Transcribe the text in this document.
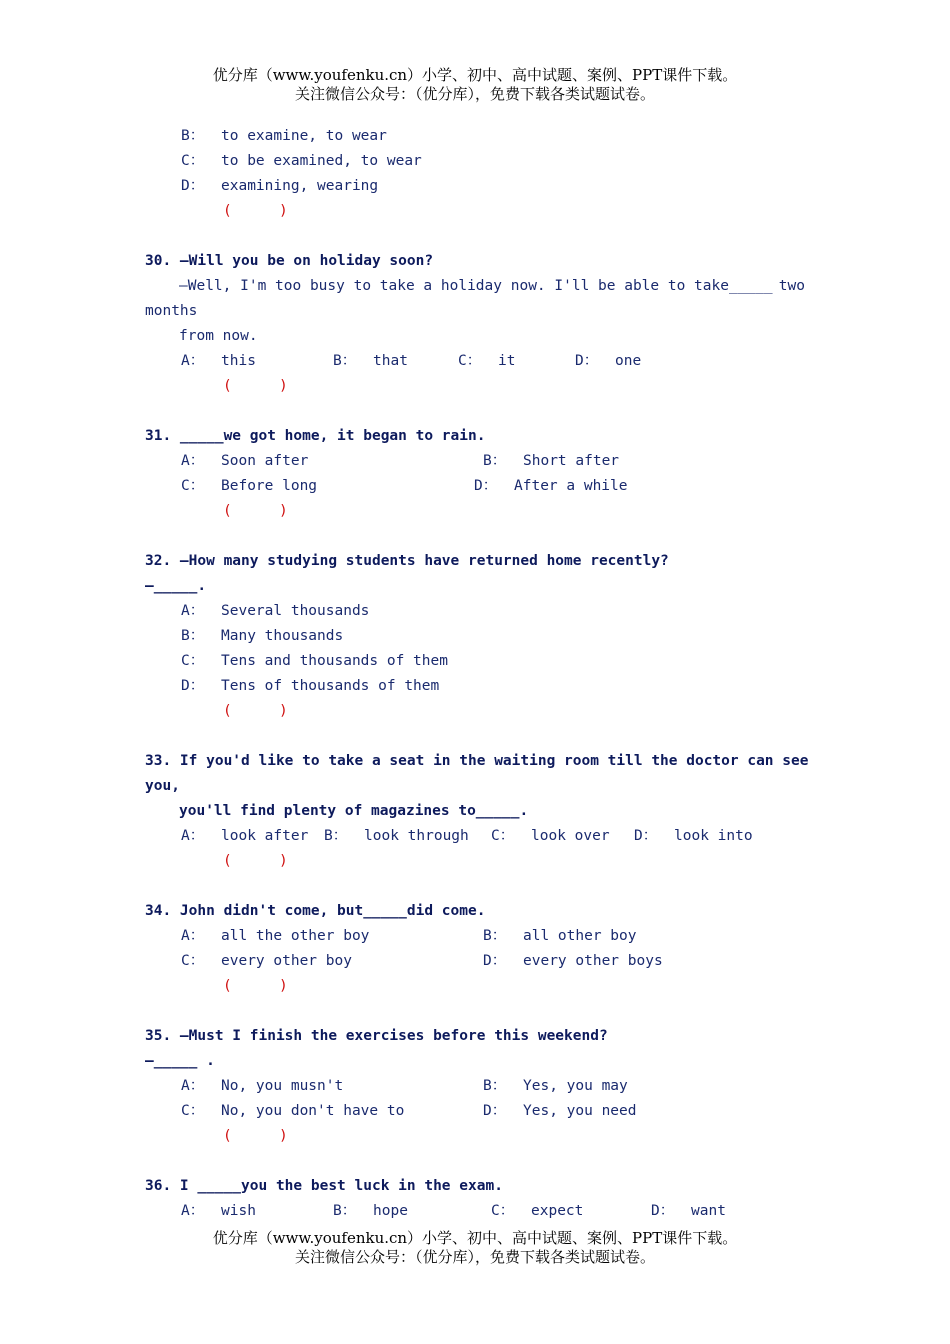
优分库（www.youfenku.cn）小学、初中、高中试题、案例、PPT课件下载。
关注微信公众号：（优分库），免费下载各类试题试卷。
B： to examine, to wear
C： to be examined, to wear
D： examining, wearing
(	)
30. —Will you be on holiday soon?
—Well, I'm too busy to take a holiday now. I'll be able to take_____ two
months
from now.
A： this	B： that	C： it	D： one
(	)
31. _____we got home, it began to rain.
A： Soon after	B： Short after
C： Before long	D： After a while
(	)
32. —How many studying students have returned home recently?
—_____.
A： Several thousands
B： Many thousands
C： Tens and thousands of them
D： Tens of thousands of them
(	)
33. If you'd like to take a seat in the waiting room till the doctor can see
you,
you'll find plenty of magazines to_____.
A： look after B： look through C： look over D： look into
(	)
34. John didn't come, but_____did come.
A： all the other boy	B： all other boy
C： every other boy	D： every other boys
(	)
35. —Must I finish the exercises before this weekend?
—_____ .
A： No, you musn't	B： Yes, you may
C： No, you don't have to	D： Yes, you need
(	)
36. I _____you the best luck in the exam.
A： wish	B： hope	C： expect	D： want
优分库（www.youfenku.cn）小学、初中、高中试题、案例、PPT课件下载。
关注微信公众号：（优分库），免费下载各类试题试卷。
